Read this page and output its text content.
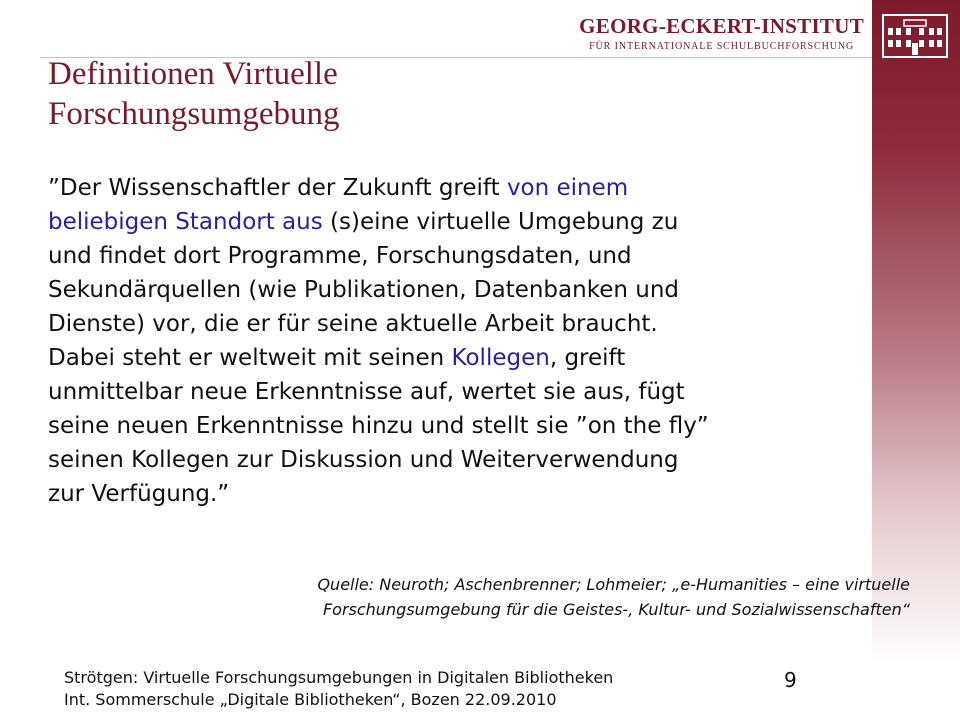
GEORG-ECKERT-INSTITUT
FÜR INTERNATIONALE SCHULBUCHFORSCHUNG
Definitionen Virtuelle
Forschungsumgebung
”Der Wissenschaftler der Zukunft greift von einem
beliebigen Standort aus (s)eine virtuelle Umgebung zu
und findet dort Programme, Forschungsdaten, und
Sekundärquellen (wie Publikationen, Datenbanken und
Dienste) vor, die er für seine aktuelle Arbeit braucht.
Dabei steht er weltweit mit seinen Kollegen, greift
unmittelbar neue Erkenntnisse auf, wertet sie aus, fügt
seine neuen Erkenntnisse hinzu und stellt sie ”on the fly”
seinen Kollegen zur Diskussion und Weiterverwendung
zur Verfügung.”
Quelle: Neuroth; Aschenbrenner; Lohmeier; „e-Humanities – eine virtuelle
Forschungsumgebung für die Geistes-, Kultur- und Sozialwissenschaften“
Strötgen: Virtuelle Forschungsumgebungen in Digitalen Bibliotheken
Int. Sommerschule „Digitale Bibliotheken“, Bozen 22.09.2010
9
